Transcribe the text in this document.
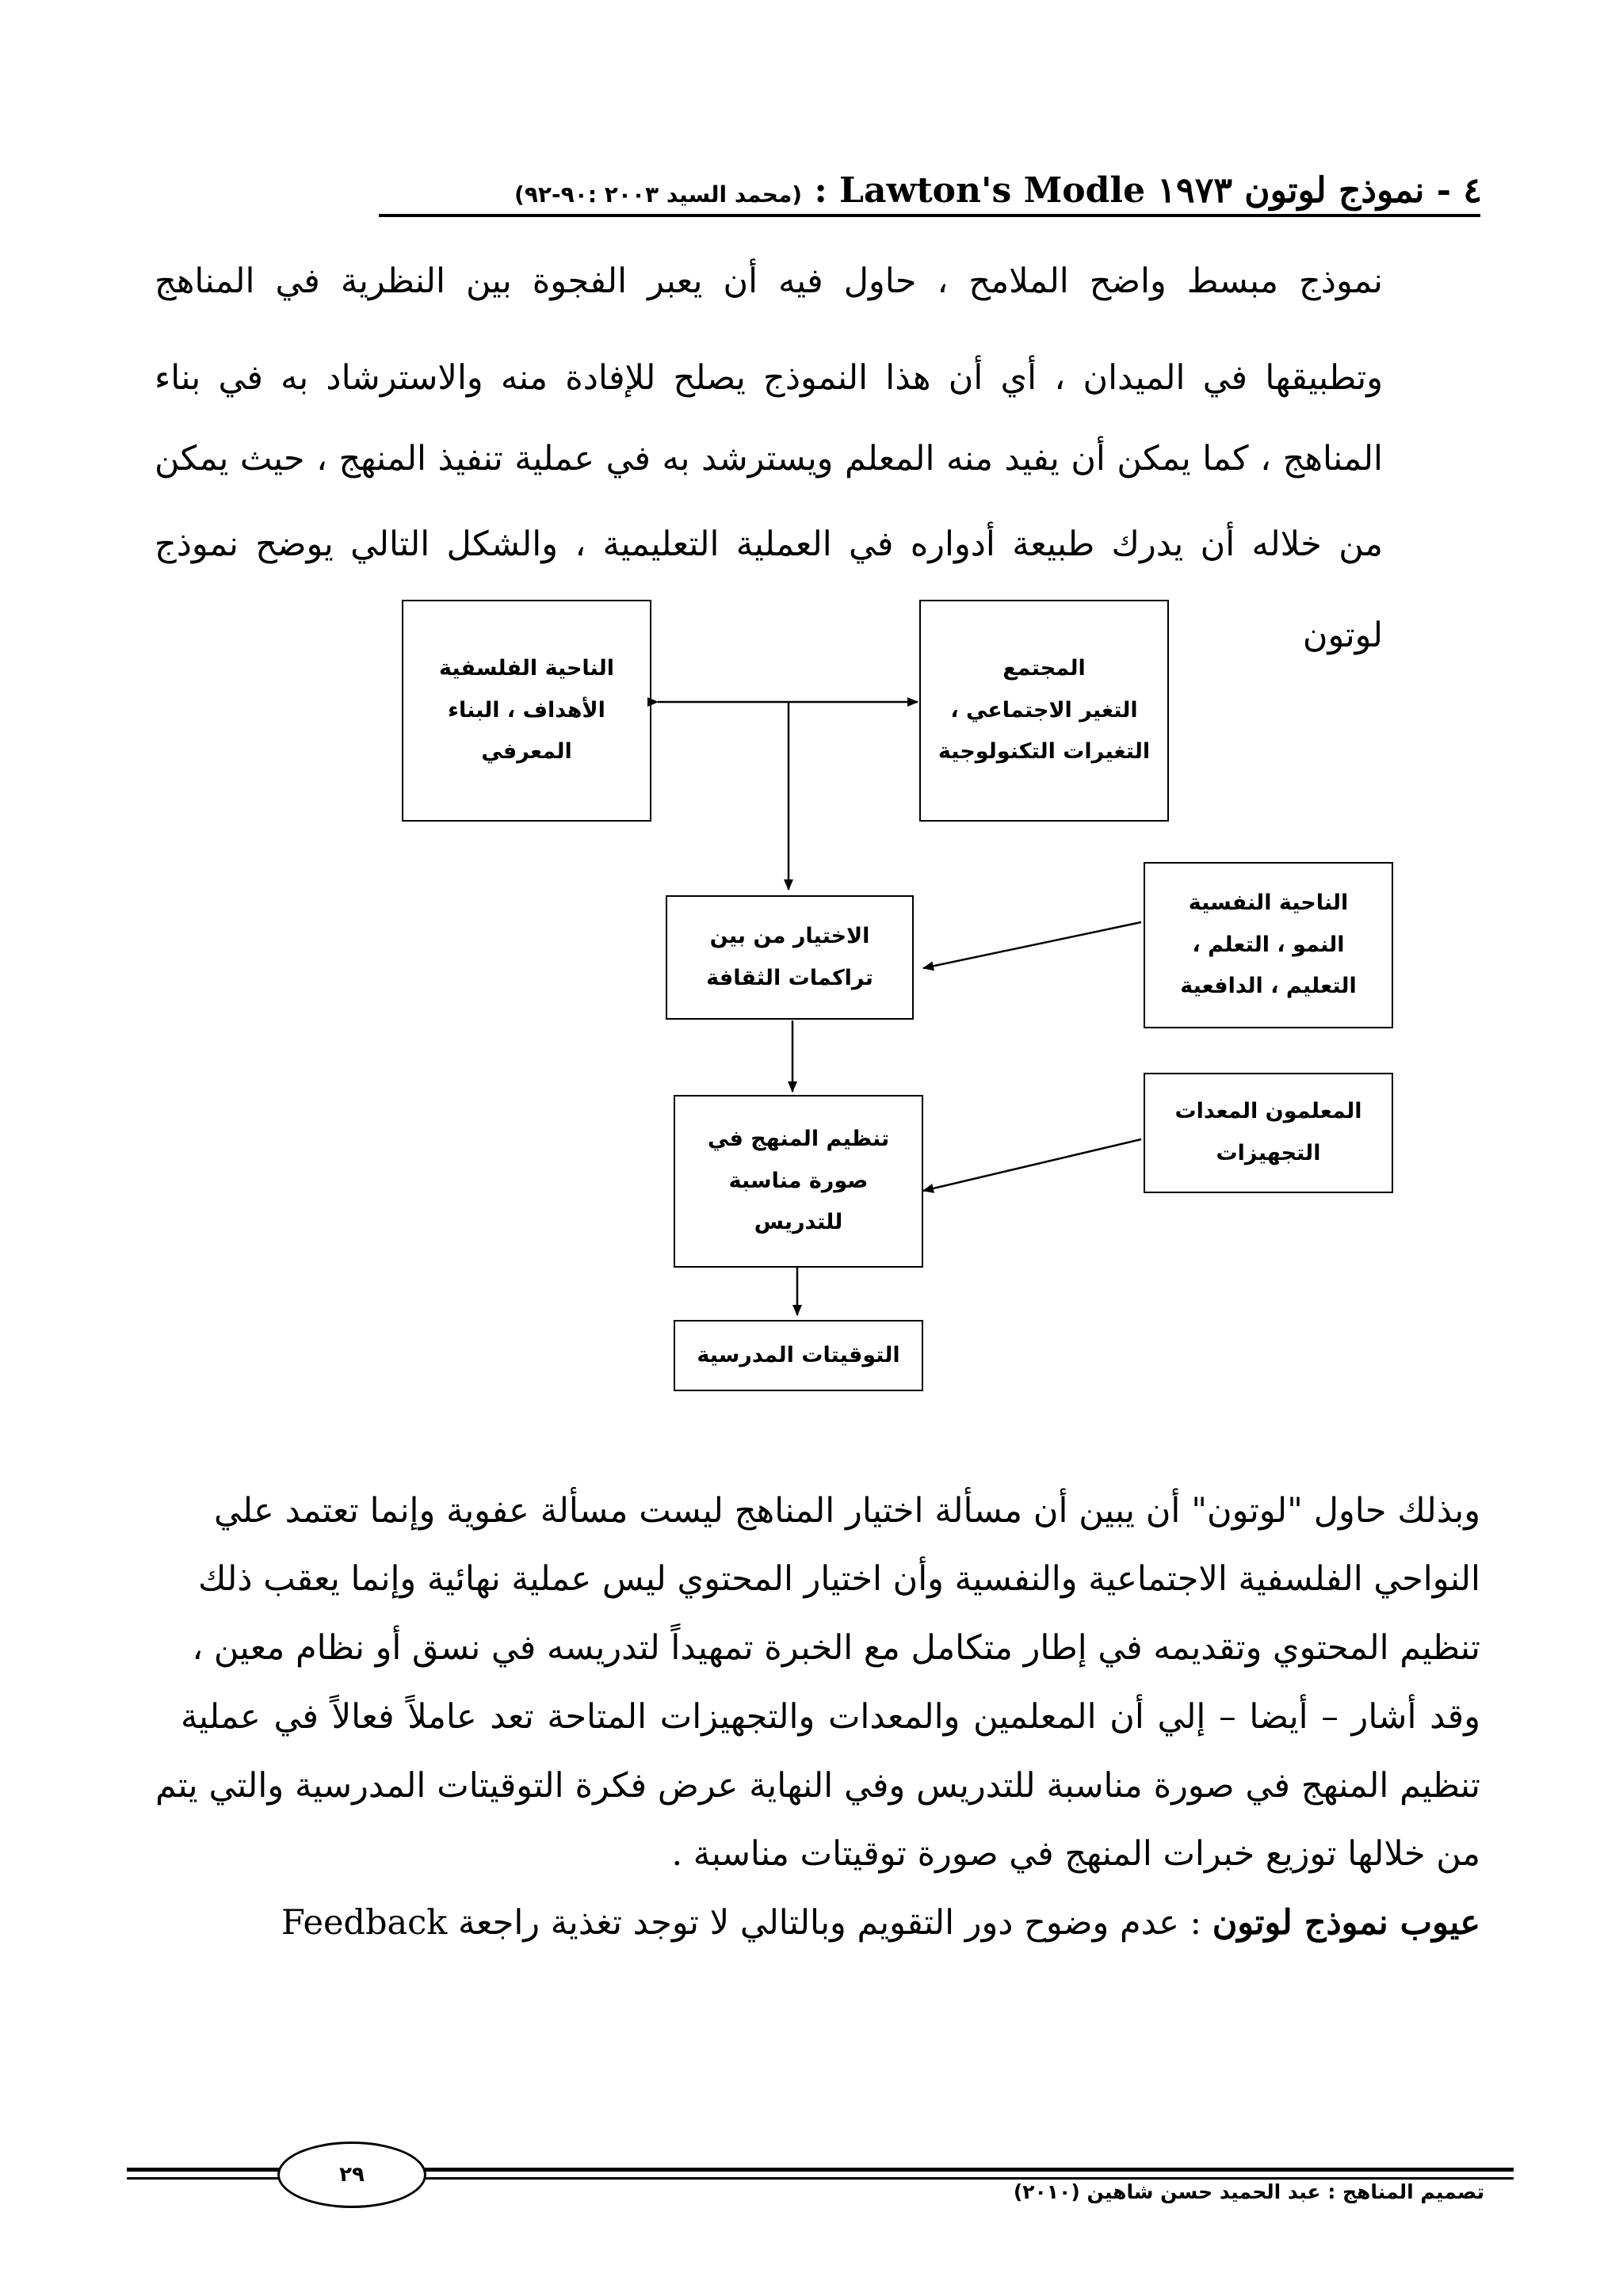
٤ - نموذج لوتون ١٩٧٣ Lawton's Modle : (محمد السيد ٢٠٠٣ :٩٠-٩٢)
نموذج مبسط واضح الملامح ، حاول فيه أن يعبر الفجوة بين النظرية في المناهج
وتطبيقها في الميدان ، أي أن هذا النموذج يصلح للإفادة منه والاسترشاد به في بناء
المناهج ، كما يمكن أن يفيد منه المعلم ويسترشد به في عملية تنفيذ المنهج ، حيث يمكن
من خلاله أن يدرك طبيعة أدواره في العملية التعليمية ، والشكل التالي يوضح نموذج
لوتون
المجتمع
التغير الاجتماعي ،
التغيرات التكنولوجية
الناحية الفلسفية
الأهداف ، البناء
المعرفي
الاختيار من بين
تراكمات الثقافة
الناحية النفسية
النمو ، التعلم ،
التعليم ، الدافعية
تنظيم المنهج في
صورة مناسبة
للتدريس
المعلمون المعدات
التجهيزات
التوقيتات المدرسية
وبذلك حاول "لوتون" أن يبين أن مسألة اختيار المناهج ليست مسألة عفوية وإنما تعتمد علي
النواحي الفلسفية الاجتماعية والنفسية وأن اختيار المحتوي ليس عملية نهائية وإنما يعقب ذلك
تنظيم المحتوي وتقديمه في إطار متكامل مع الخبرة تمهيداً لتدريسه في نسق أو نظام معين ،
وقد أشار – أيضا – إلي أن المعلمين والمعدات والتجهيزات المتاحة تعد عاملاً فعالاً في عملية
تنظيم المنهج في صورة مناسبة للتدريس وفي النهاية عرض فكرة التوقيتات المدرسية والتي يتم
من خلالها توزيع خبرات المنهج في صورة توقيتات مناسبة .
عيوب نموذج لوتون : عدم وضوح دور التقويم وبالتالي لا توجد تغذية راجعة Feedback
٢٩
تصميم المناهج : عبد الحميد حسن شاهين (٢٠١٠)
